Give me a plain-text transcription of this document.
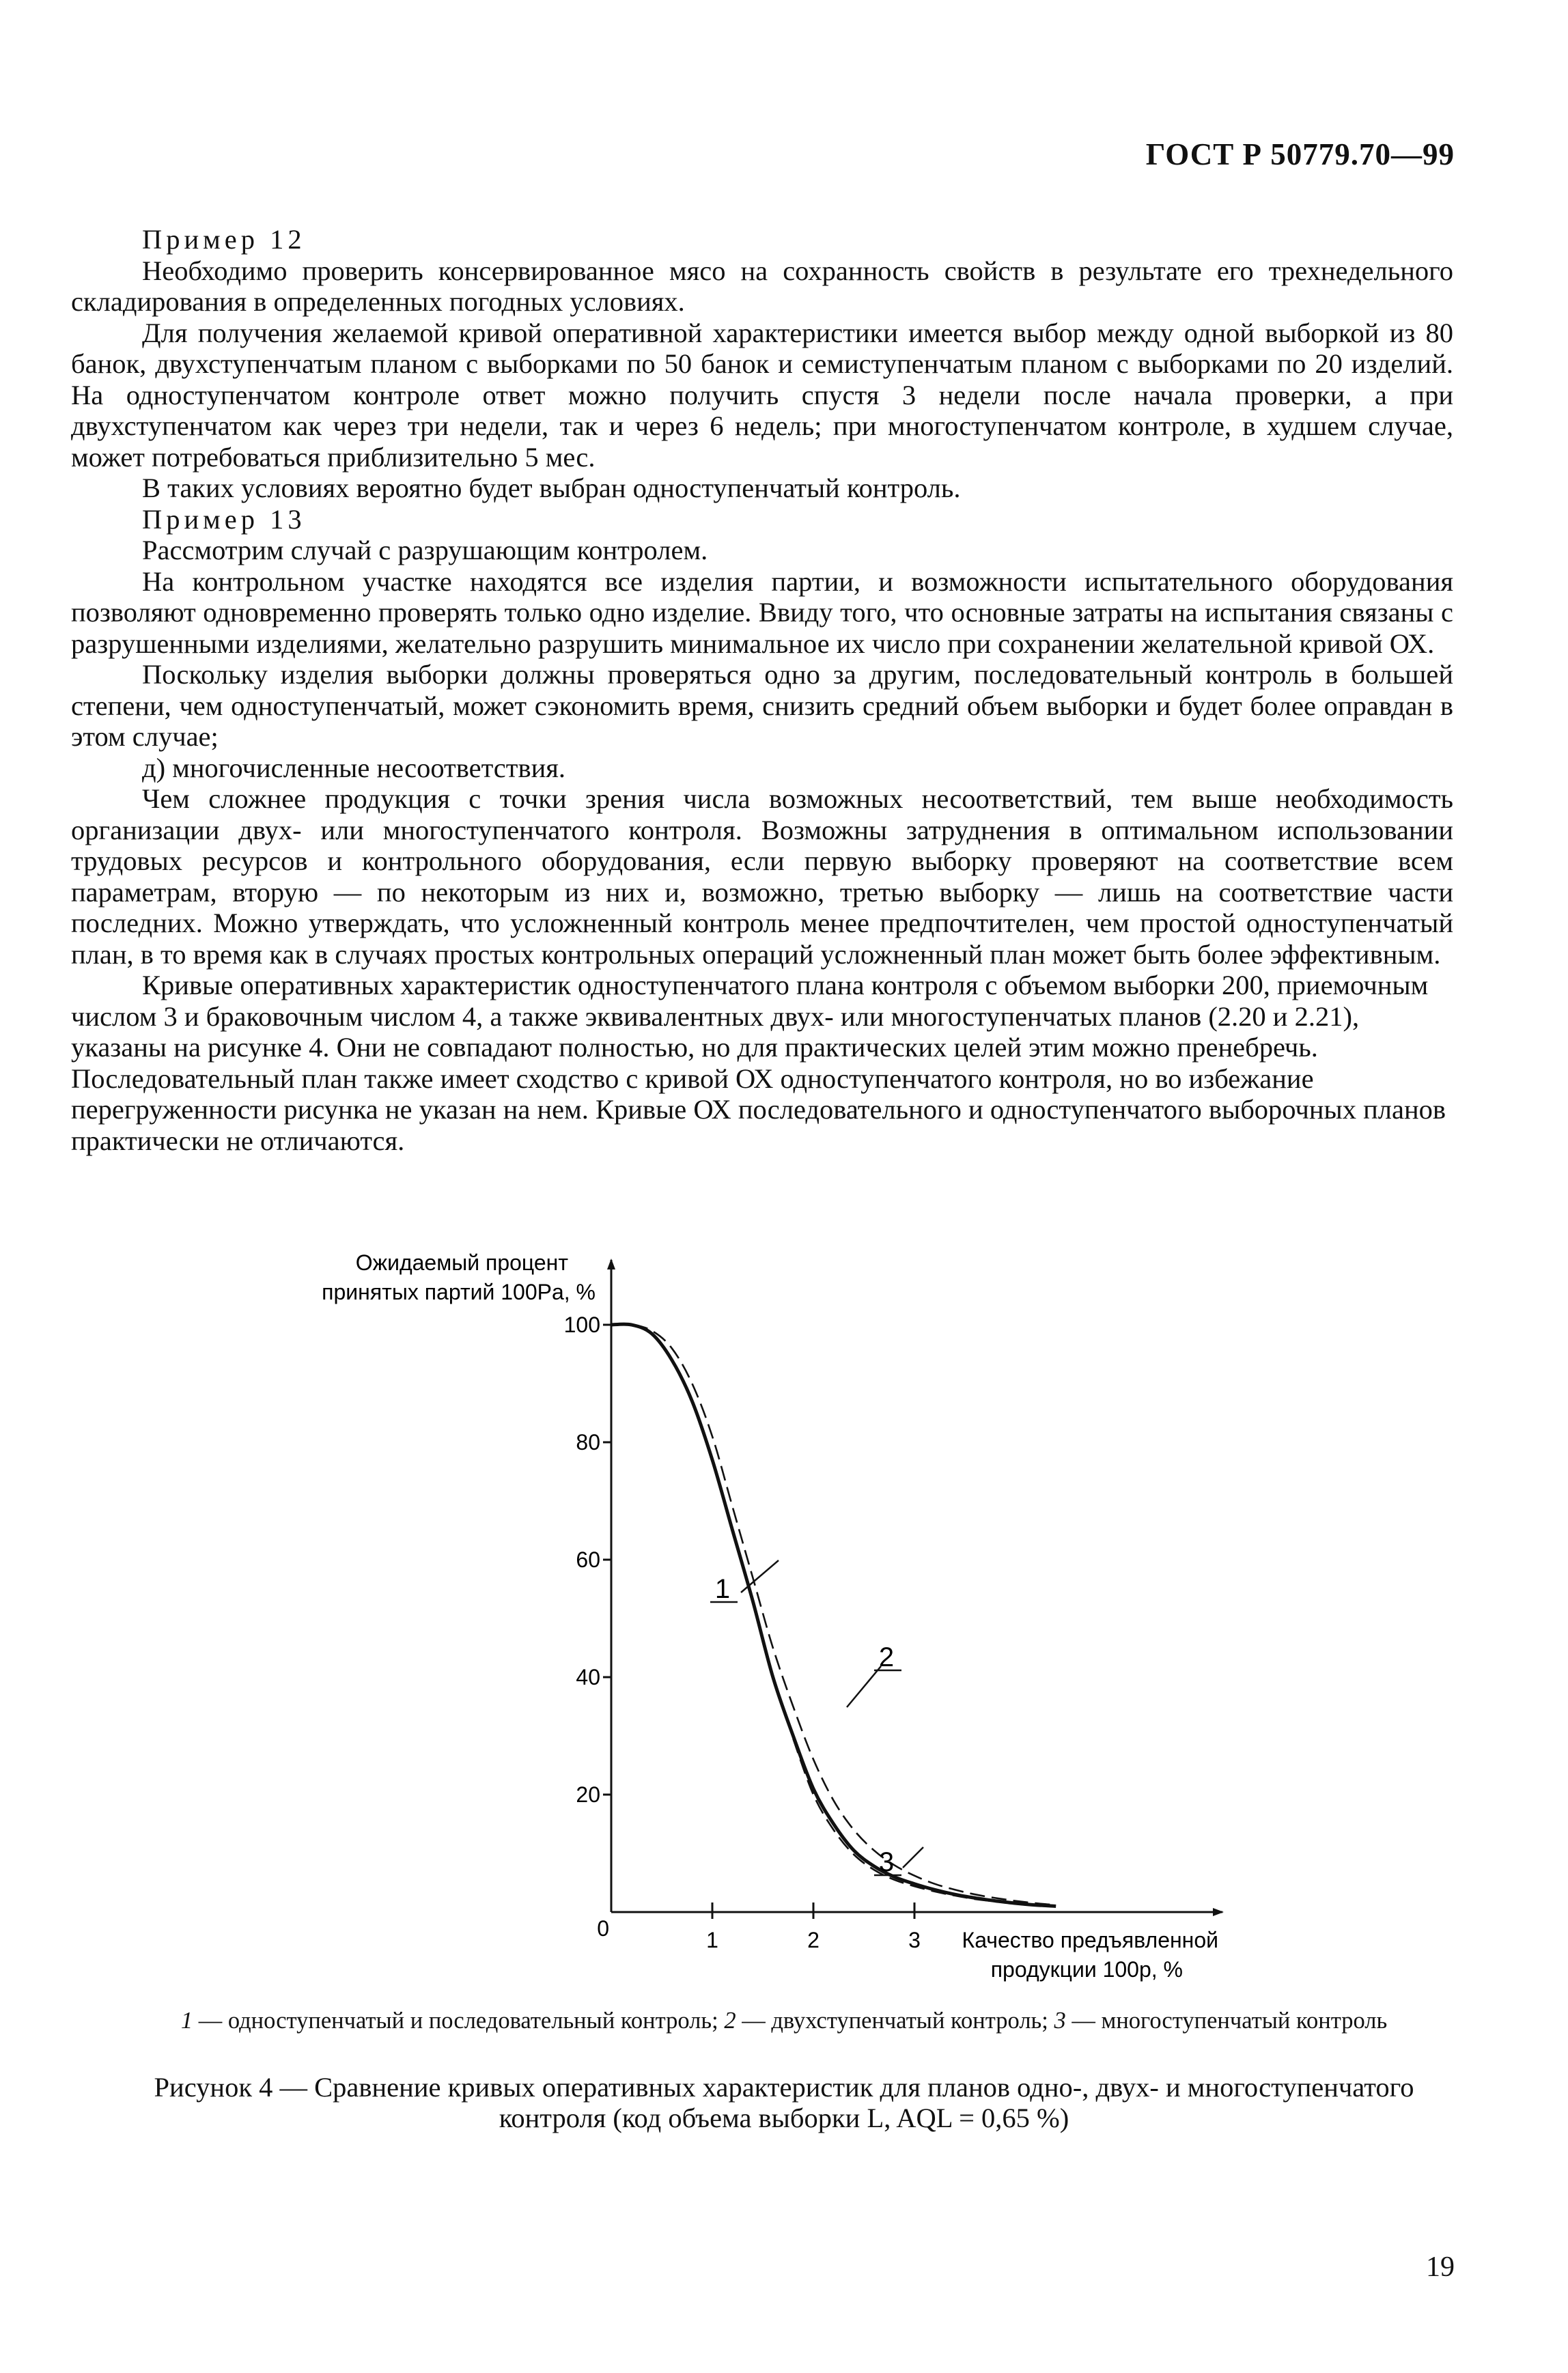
ГОСТ Р 50779.70—99

Пример 12

Необходимо проверить консервированное мясо на сохранность свойств в результате его трехнедельного складирования в определенных погодных условиях.

Для получения желаемой кривой оперативной характеристики имеется выбор между одной выборкой из 80 банок, двухступенчатым планом с выборками по 50 банок и семиступенчатым планом с выборками по 20 изделий. На одноступенчатом контроле ответ можно получить спустя 3 недели после начала проверки, а при двухступенчатом как через три недели, так и через 6 недель; при многоступенчатом контроле, в худшем случае, может потребоваться приблизительно 5 мес.

В таких условиях вероятно будет выбран одноступенчатый контроль.

Пример 13

Рассмотрим случай с разрушающим контролем.

На контрольном участке находятся все изделия партии, и возможности испытательного оборудования позволяют одновременно проверять только одно изделие. Ввиду того, что основные затраты на испытания связаны с разрушенными изделиями, желательно разрушить минимальное их число при сохранении желательной кривой ОХ.

Поскольку изделия выборки должны проверяться одно за другим, последовательный контроль в большей степени, чем одноступенчатый, может сэкономить время, снизить средний объем выборки и будет более оправдан в этом случае;

д) многочисленные несоответствия.

Чем сложнее продукция с точки зрения числа возможных несоответствий, тем выше необходимость организации двух- или многоступенчатого контроля. Возможны затруднения в оптимальном использовании трудовых ресурсов и контрольного оборудования, если первую выборку проверяют на соответствие всем параметрам, вторую — по некоторым из них и, возможно, третью выборку — лишь на соответствие части последних. Можно утверждать, что усложненный контроль менее предпочтителен, чем простой одноступенчатый план, в то время как в случаях простых контрольных операций усложненный план может быть более эффективным.

Кривые оперативных характеристик одноступенчатого плана контроля с объемом выборки 200, приемочным числом 3 и браковочным числом 4, а также эквивалентных двух- или многоступенчатых планов (2.20 и 2.21), указаны на рисунке 4. Они не совпадают полностью, но для практических целей этим можно пренебречь. Последовательный план также имеет сходство с кривой ОХ одноступенчатого контроля, но во избежание перегруженности рисунка не указан на нем. Кривые ОХ последовательного и одноступенчатого выборочных планов практически не отличаются.

Ожидаемый процент
принятых партий 100Pa, %
Качество предъявленной
продукции 100p, %
0
20
40
60
80
100
1	2	3
1
2
3
1 — одноступенчатый и последовательный контроль; 2 — двухступенчатый контроль; 3 — многоступенчатый контроль
Рисунок 4 — Сравнение кривых оперативных характеристик для планов одно-, двух- и многоступенчатого
контроля (код объема выборки L, AQL = 0,65 %)
19
